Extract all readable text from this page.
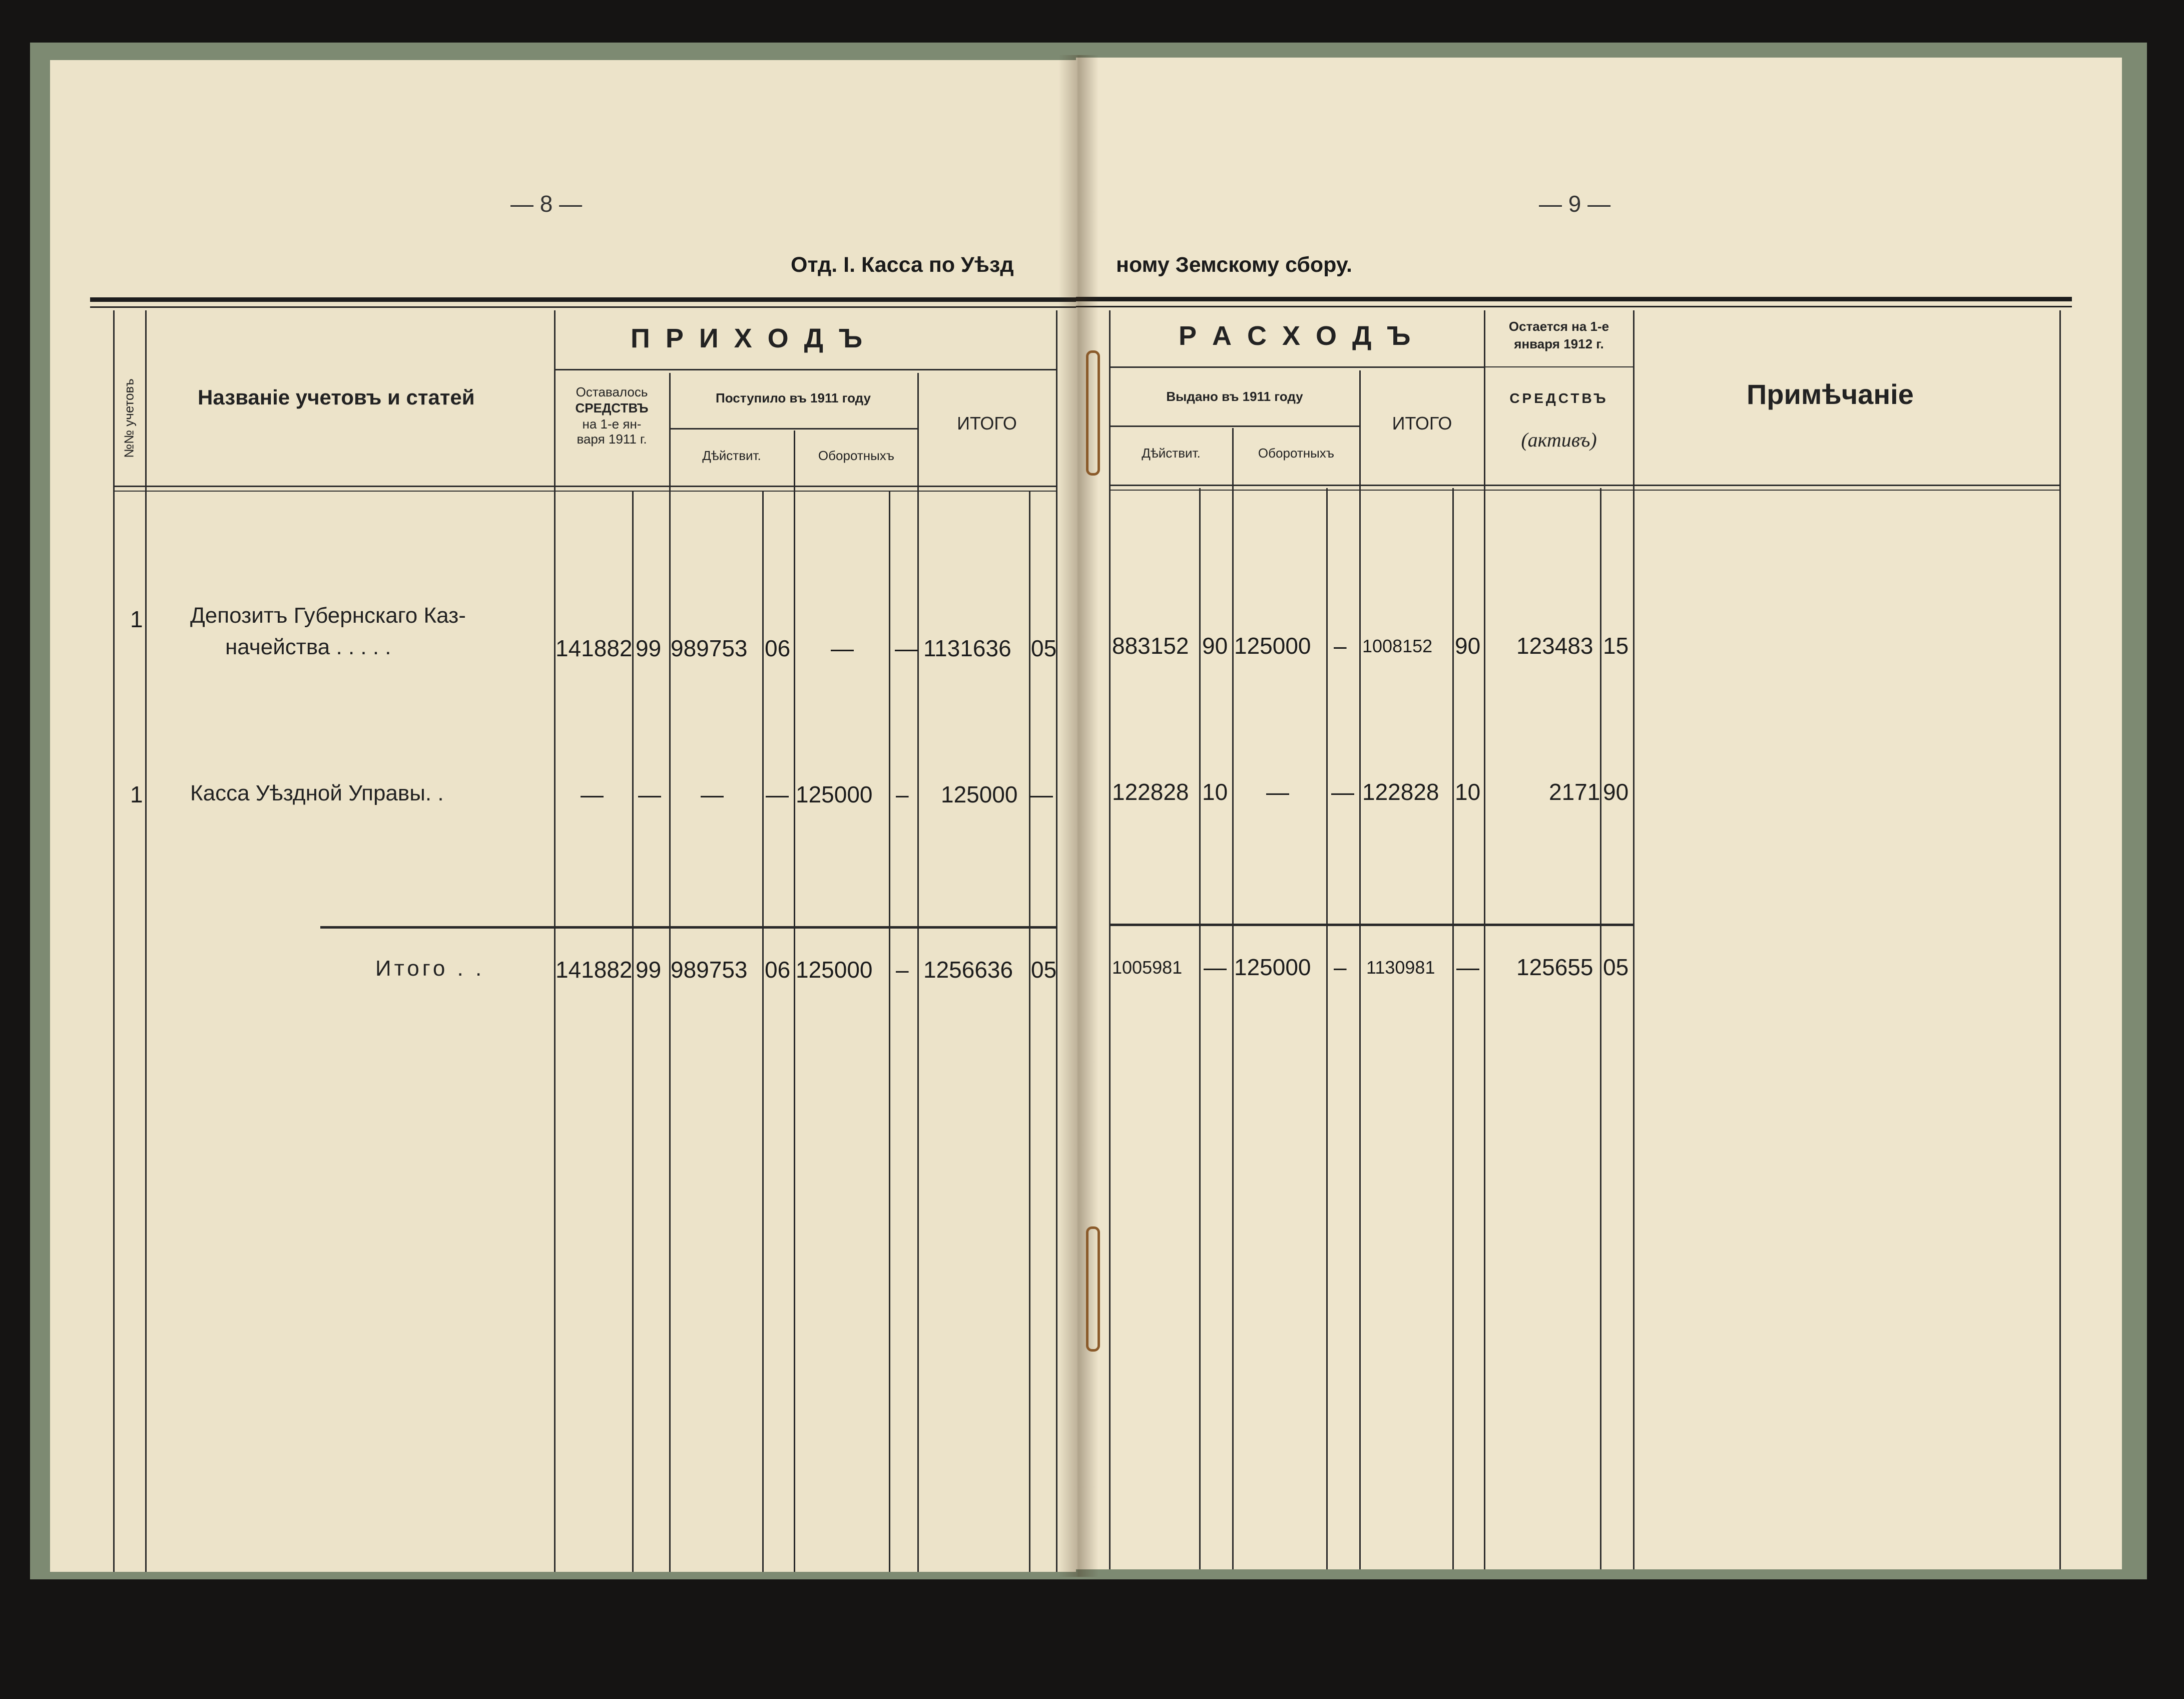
— 8 —
Отд. I. Касса по Уѣзд
№№ учетовъ	Названіе учетовъ и статей
П Р И Х О Д Ъ
Оставалось
СРЕДСТВЪ
на 1-е ян-
варя 1911 г.
Поступило въ 1911 году
Дѣйствит.	Оборотныхъ
ИТОГО
1 Депозитъ Губернскаго Каз-
начейства . . . . .	141882 99 989753 06 — — 1131636 05
1 Касса Уѣздной Управы. .	— — — — 125000 – 125000 —
Итого . .	141882 99 989753 06 125000 – 1256636 05
— 9 —
ному Земскому сбору.
Р А С Х О Д Ъ	Остается на 1-е
января 1912 г.
Выдано въ 1911 году
Дѣйствит.	Оборотныхъ
ИТОГО
СРЕДСТВЪ
(активъ)
Примѣчаніе
883152 90 125000 – 1008152 90 123483 15
122828 10 — — 122828 10	2171 90
1005981 — 125000 – 1130981 — 125655 05
